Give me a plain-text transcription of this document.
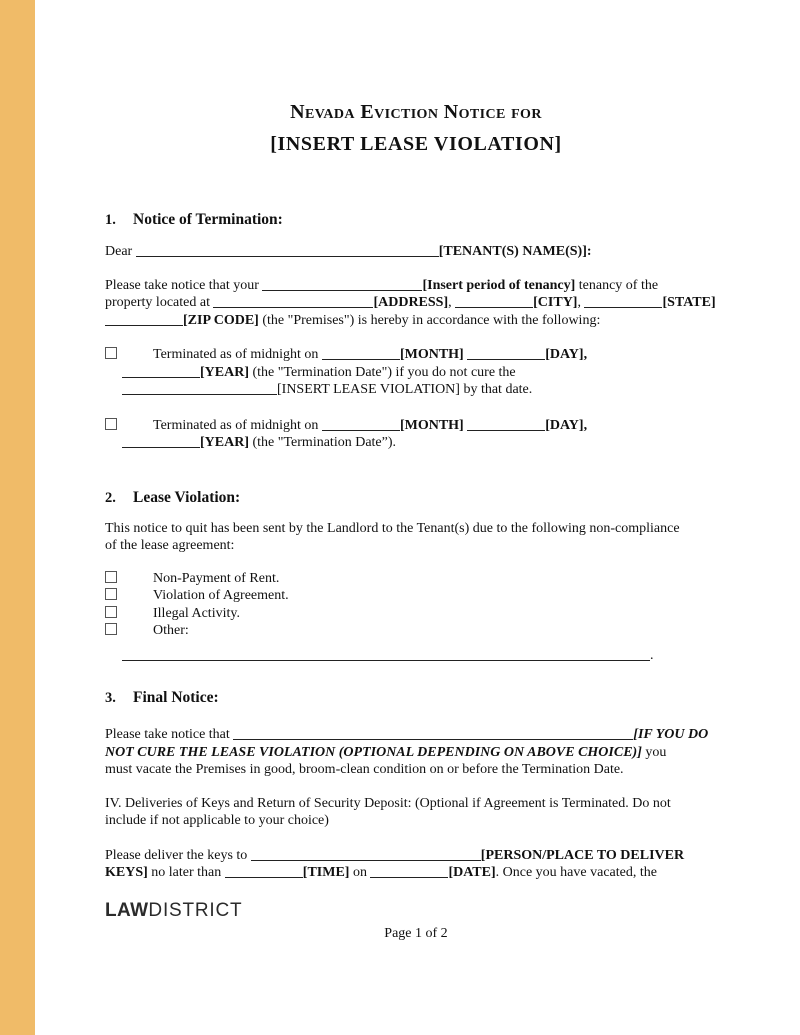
Nevada Eviction Notice for
[INSERT LEASE VIOLATION]
1. Notice of Termination:
Dear	[TENANT(S) NAME(S)]:
Please take notice that your	[Insert period of tenancy] tenancy of the
property located at	[ADDRESS],	[CITY],	[STATE]
[ZIP CODE] (the "Premises") is hereby in accordance with the following:
Terminated as of midnight on	[MONTH]	[DAY],
[YEAR] (the "Termination Date") if you do not cure the
[INSERT LEASE VIOLATION] by that date.
Terminated as of midnight on	[MONTH]	[DAY],
[YEAR] (the "Termination Date”).
2. Lease Violation:
This notice to quit has been sent by the Landlord to the Tenant(s) due to the following non-compliance
of the lease agreement:
Non-Payment of Rent.
Violation of Agreement.
Illegal Activity.
Other:
.
3. Final Notice:
Please take notice that	[IF YOU DO
NOT CURE THE LEASE VIOLATION (OPTIONAL DEPENDING ON ABOVE CHOICE)] you
must vacate the Premises in good, broom-clean condition on or before the Termination Date.
IV. Deliveries of Keys and Return of Security Deposit: (Optional if Agreement is Terminated. Do not
include if not applicable to your choice)
Please deliver the keys to	[PERSON/PLACE TO DELIVER
KEYS] no later than	[TIME] on	[DATE]. Once you have vacated, the
LAWDISTRICT
Page 1 of 2
